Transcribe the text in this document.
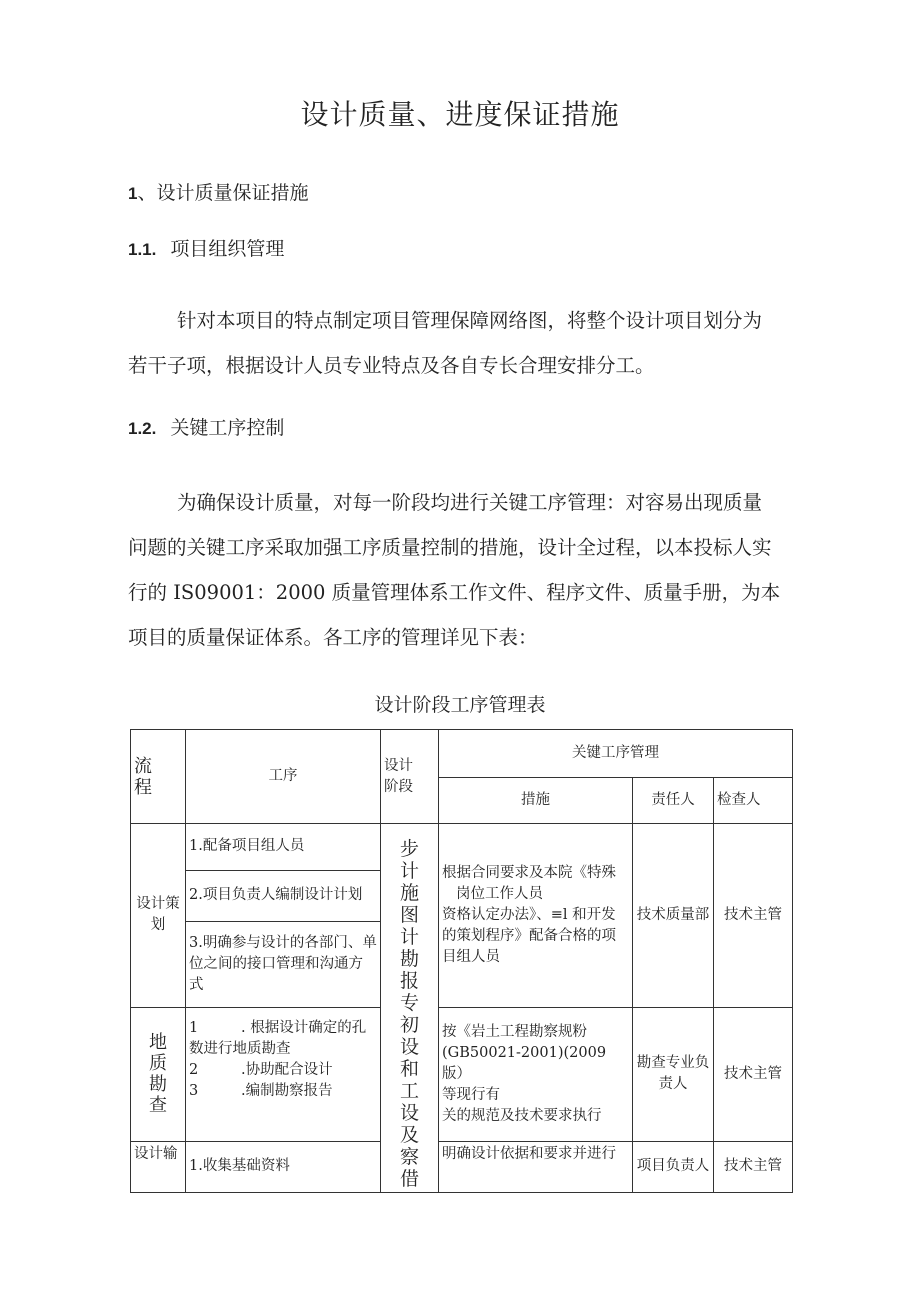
设计质量、进度保证措施
1、设计质量保证措施
1.1. 项目组织管理

针对本项目的特点制定项目管理保障网络图，将整个设计项目划分为

若干子项，根据设计人员专业特点及各自专长合理安排分工。

1.2. 关键工序控制

为确保设计质量，对每一阶段均进行关键工序管理：对容易出现质量

问题的关键工序采取加强工序质量控制的措施，设计全过程，以本投标人实

行的 IS09001：2000 质量管理体系工作文件、程序文件、质量手册，为本

项目的质量保证体系。各工序的管理详见下表：

设计阶段工序管理表
流程	工序	设计阶段	关键工序管理		
			措施	责任人	检查人

设计策划	1.配备项目组人员	步计施图计勘报专初设和工设及察借	根据合同要求及本院《特殊
岗位工作人员
资格认定办法》、≡l 和开发
的策划程序》配备合格的项
目组人员	技术质量部	技术主管
	2.项目负责人编制设计计划				
	3.明确参与设计的各部门、单位之间的接口管理和沟通方式				

地质勘查	1 . 根据设计确定的孔
数进行地质勘查
2 .协助配合设计
3 .编制勘察报告		按《岩土工程勘察规粉
(GB50021-2001)(2009 版）
等现行有
关的规范及技术要求执行	勘查专业负责人	技术主管
设计输	1.收集基础资料		明确设计依据和要求并进行	项目负责人	技术主管
